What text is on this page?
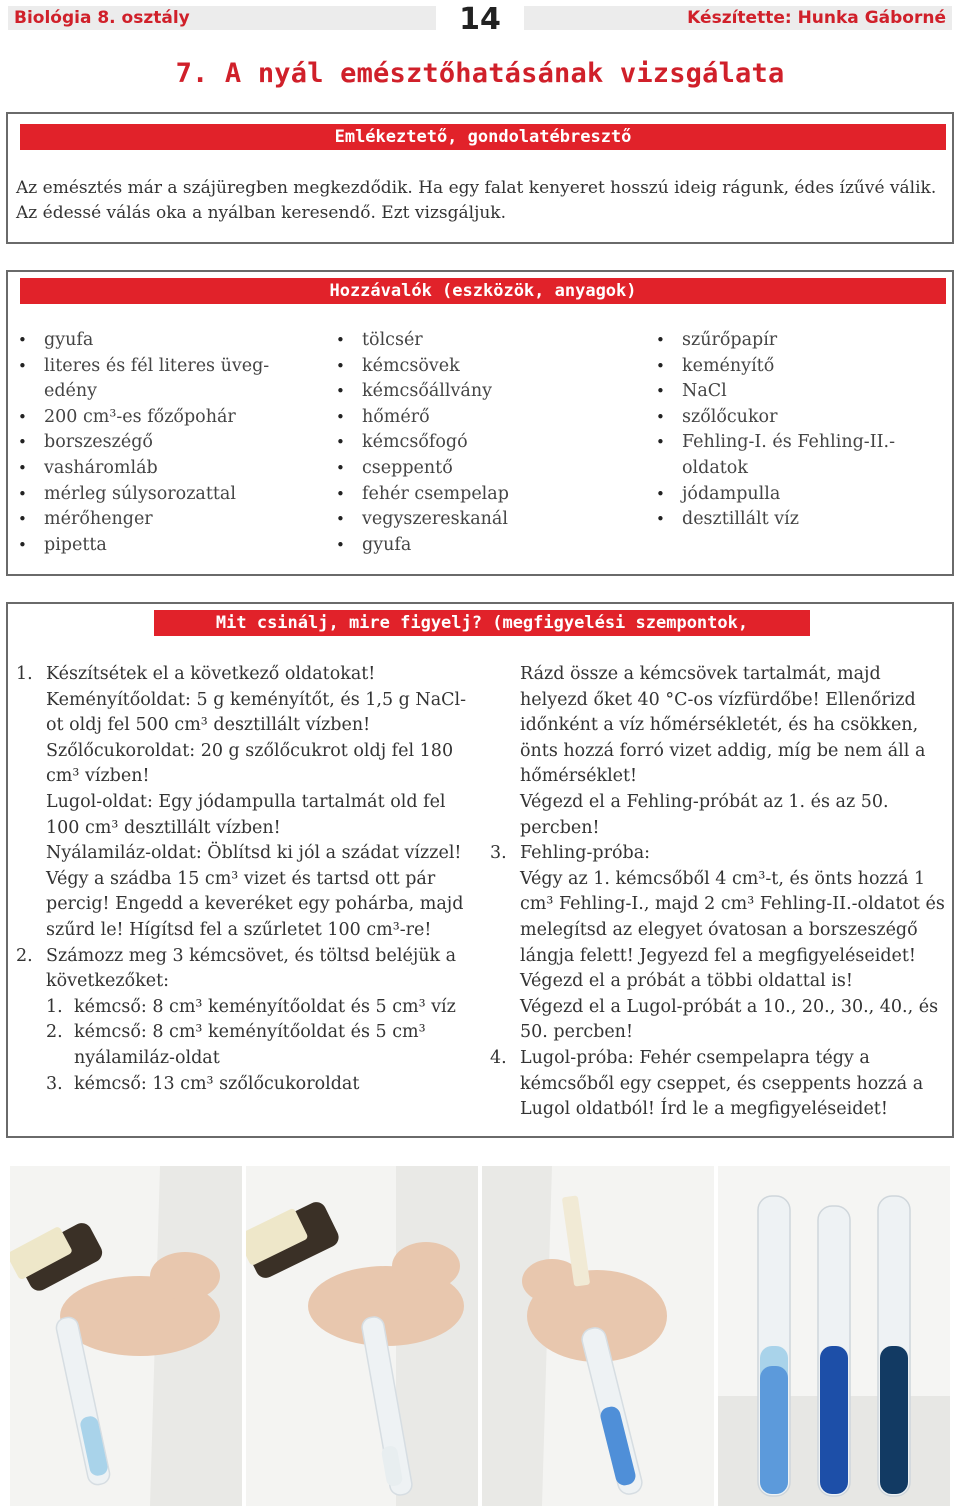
Biológia 8. osztály	14	Készítette: Hunka Gáborné
7. A nyál emésztőhatásának vizsgálata
Emlékeztető, gondolatébresztő

Az emésztés már a szájüregben megkezdődik. Ha egy falat kenyeret hosszú ideig rágunk, édes ízűvé válik. Az édessé válás oka a nyálban keresendő. Ezt vizsgáljuk.

Hozzávalók (eszközök, anyagok)
• gyufa
• literes és fél literes üveg-edény
• 200 cm³-es főzőpohár
• borszeszégő
• vasháromláb
• mérleg súlysorozattal
• mérőhenger
• pipetta
• tölcsér
• kémcsövek
• kémcsőállvány
• hőmérő
• kémcsőfogó
• cseppentő
• fehér csempelap
• vegyszereskanál
• gyufa
• szűrőpapír
• keményítő
• NaCl
• szőlőcukor
• Fehling-I. és Fehling-II.-oldatok
• jódampulla
• desztillált víz
Mit csinálj, mire figyelj? (megfigyelési szempontok, végrehajtás)
1. Készítsétek el a következő oldatokat!
Keményítőoldat: 5 g keményítőt, és 1,5 g NaCl-ot oldj fel 500 cm³ desztillált vízben!
Szőlőcukoroldat: 20 g szőlőcukrot oldj fel 180 cm³ vízben!
Lugol-oldat: Egy jódampulla tartalmát old fel 100 cm³ desztillált vízben!
Nyálamiláz-oldat: Öblítsd ki jól a szádat vízzel! Végy a szádba 15 cm³ vizet és tartsd ott pár percig! Engedd a keveréket egy pohárba, majd szűrd le! Hígítsd fel a szűrletet 100 cm³-re!
2. Számozz meg 3 kémcsövet, és töltsd beléjük a következőket:
1. kémcső: 8 cm³ keményítőoldat és 5 cm³ víz
2. kémcső: 8 cm³ keményítőoldat és 5 cm³ nyálamiláz-oldat
3. kémcső: 13 cm³ szőlőcukoroldat
Rázd össze a kémcsövek tartalmát, majd helyezd őket 40 °C-os vízfürdőbe! Ellenőrizd időnként a víz hőmérsékletét, és ha csökken, önts hozzá forró vizet addig, míg be nem áll a hőmérséklet!
Végezd el a Fehling-próbát az 1. és az 50. percben!
3. Fehling-próba:
Végy az 1. kémcsőből 4 cm³-t, és önts hozzá 1 cm³ Fehling-I., majd 2 cm³ Fehling-II.-oldatot és melegítsd az elegyet óvatosan a borszeszégő lángja felett! Jegyezd fel a megfigyeléseidet! Végezd el a próbát a többi oldattal is!
Végezd el a Lugol-próbát a 10., 20., 30., 40., és 50. percben!
4. Lugol-próba: Fehér csempelapra tégy a kémcsőből egy cseppet, és cseppents hozzá a Lugol oldatból! Írd le a megfigyeléseidet!
